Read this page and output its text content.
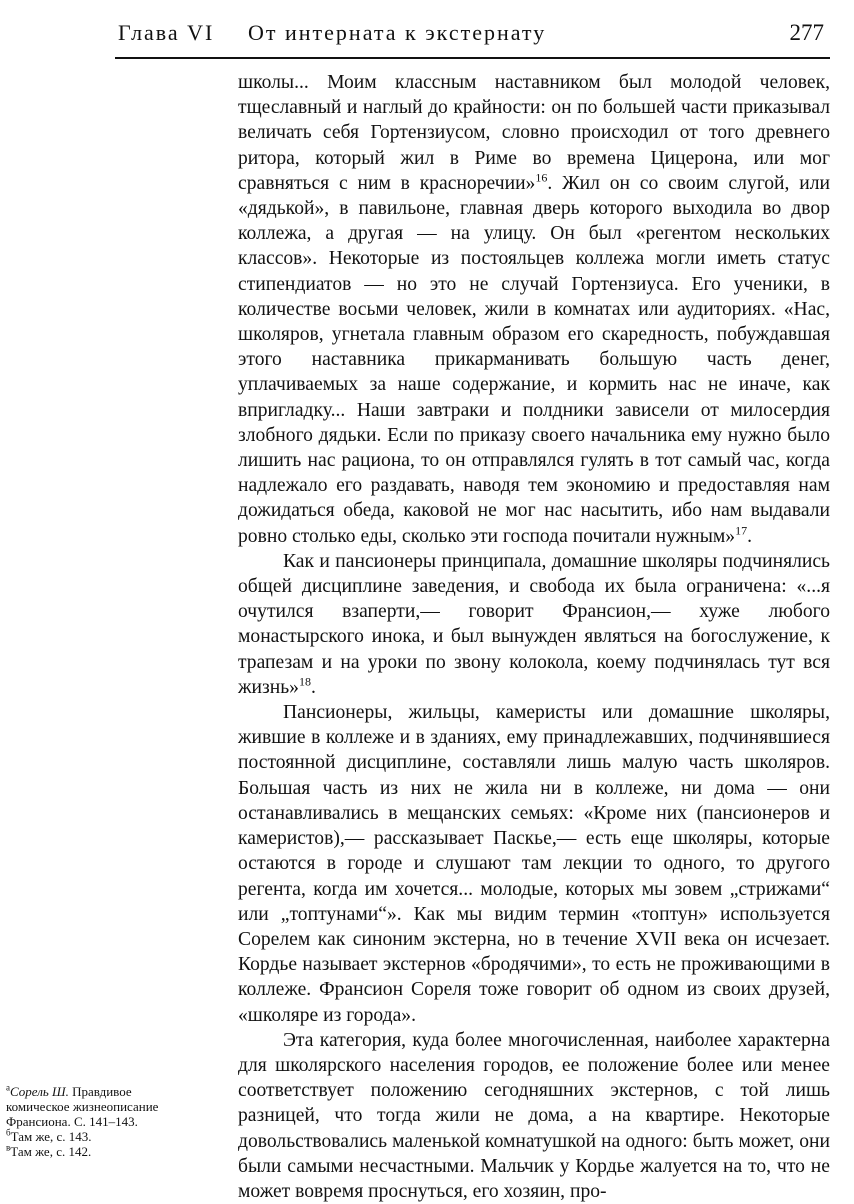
Глава VI От интерната к экстернату	277

школы... Моим классным наставником был молодой человек, тщеславный и наглый до крайности: он по большей части приказывал величать себя Гортензиусом, словно происходил от того древнего ритора, который жил в Риме во времена Цицерона, или мог сравняться с ним в красноречии»$^{16}$. Жил он со своим слугой, или «дядькой», в павильоне, главная дверь которого выходила во двор коллежа, а другая — на улицу. Он был «регентом нескольких классов». Некоторые из постояльцев коллежа могли иметь статус стипендиатов — но это не случай Гортензиуса. Его ученики, в количестве восьми человек, жили в комнатах или аудиториях. «Нас, школяров, угнетала главным образом его скаредность, побуждавшая этого наставника прикарманивать большую часть денег, уплачиваемых за наше содержание, и кормить нас не иначе, как впригладку... Наши завтраки и полдники зависели от милосердия злобного дядьки. Если по приказу своего начальника ему нужно было лишить нас рациона, то он отправлялся гулять в тот самый час, когда надлежало его раздавать, наводя тем экономию и предоставляя нам дожидаться обеда, каковой не мог нас насытить, ибо нам выдавали ровно столько еды, сколько эти господа почитали нужным»$^{17}$.

Как и пансионеры принципала, домашние школяры подчинялись общей дисциплине заведения, и свобода их была ограничена: «...я очутился взаперти,— говорит Франсион,— хуже любого монастырского инока, и был вынужден являться на богослужение, к трапезам и на уроки по звону колокола, коему подчинялась тут вся жизнь»$^{18}$.

Пансионеры, жильцы, камеристы или домашние школяры, жившие в коллеже и в зданиях, ему принадлежавших, подчинявшиеся постоянной дисциплине, составляли лишь малую часть школяров. Большая часть из них не жила ни в коллеже, ни дома — они останавливались в мещанских семьях: «Кроме них (пансионеров и камеристов),— рассказывает Паскье,— есть еще школяры, которые остаются в городе и слушают там лекции то одного, то другого регента, когда им хочется... молодые, которых мы зовем „стрижами“ или „топтунами“». Как мы видим термин «топтун» используется Сорелем как синоним экстерна, но в течение XVII века он исчезает. Кордье называет экстернов «бродячими», то есть не проживающими в коллеже. Франсион Сореля тоже говорит об одном из своих друзей, «школяре из города».

Эта категория, куда более многочисленная, наиболее характерна для школярского населения городов, ее положение более или менее соответствует положению сегодняшних экстернов, с той лишь разницей, что тогда жили не дома, а на квартире. Некоторые довольствовались маленькой комнатушкой на одного: быть может, они были самыми несчастными. Мальчик у Кордье жалуется на то, что не может вовремя проснуться, его хозяин, про-

$^a$Сорель Ш. Правдивое
комическое жизнеописание
Франсиона. С. 141–143.
$^б$Там же, с. 143.
$^в$Там же, с. 142.
